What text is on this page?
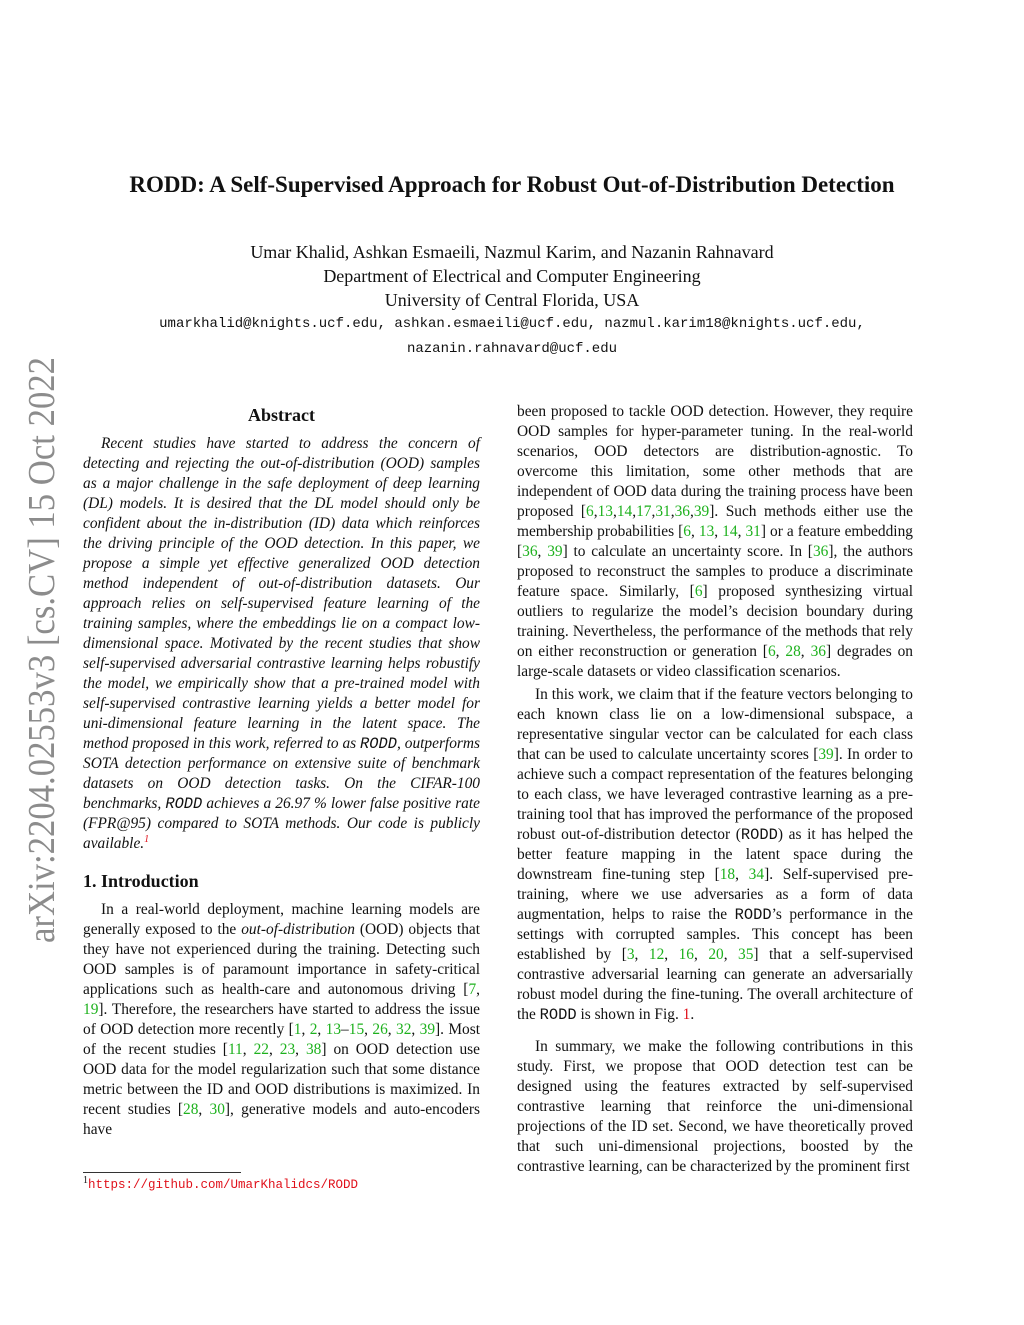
arXiv:2204.02553v3 [cs.CV] 15 Oct 2022
RODD: A Self-Supervised Approach for Robust Out-of-Distribution Detection
Umar Khalid, Ashkan Esmaeili, Nazmul Karim, and Nazanin Rahnavard
Department of Electrical and Computer Engineering
University of Central Florida, USA
umarkhalid@knights.ucf.edu, ashkan.esmaeili@ucf.edu, nazmul.karim18@knights.ucf.edu,
nazanin.rahnavard@ucf.edu
Abstract

Recent studies have started to address the concern of detecting and rejecting the out-of-distribution (OOD) samples as a major challenge in the safe deployment of deep learning (DL) models. It is desired that the DL model should only be confident about the in-distribution (ID) data which reinforces the driving principle of the OOD detection. In this paper, we propose a simple yet effective generalized OOD detection method independent of out-of-distribution datasets. Our approach relies on self-supervised feature learning of the training samples, where the embeddings lie on a compact low-dimensional space. Motivated by the recent studies that show self-supervised adversarial contrastive learning helps robustify the model, we empirically show that a pre-trained model with self-supervised contrastive learning yields a better model for uni-dimensional feature learning in the latent space. The method proposed in this work, referred to as RODD, outperforms SOTA detection performance on extensive suite of benchmark datasets on OOD detection tasks. On the CIFAR-100 benchmarks, RODD achieves a 26.97 % lower false positive rate (FPR@95) compared to SOTA methods. Our code is publicly available.$^1$

1. Introduction

In a real-world deployment, machine learning models are generally exposed to the out-of-distribution (OOD) objects that they have not experienced during the training. Detecting such OOD samples is of paramount importance in safety-critical applications such as health-care and autonomous driving [7, 19]. Therefore, the researchers have started to address the issue of OOD detection more recently [1, 2, 13–15, 26, 32, 39]. Most of the recent studies [11, 22, 23, 38] on OOD detection use OOD data for the model regularization such that some distance metric between the ID and OOD distributions is maximized. In recent studies [28, 30], generative models and auto-encoders have

$^1$https://github.com/UmarKhalidcs/RODD

been proposed to tackle OOD detection. However, they require OOD samples for hyper-parameter tuning. In the real-world scenarios, OOD detectors are distribution-agnostic. To overcome this limitation, some other methods that are independent of OOD data during the training process have been proposed [6,13,14,17,31,36,39]. Such methods either use the membership probabilities [6, 13, 14, 31] or a feature embedding [36, 39] to calculate an uncertainty score. In [36], the authors proposed to reconstruct the samples to produce a discriminate feature space. Similarly, [6] proposed synthesizing virtual outliers to regularize the model’s decision boundary during training. Nevertheless, the performance of the methods that rely on either reconstruction or generation [6, 28, 36] degrades on large-scale datasets or video classification scenarios.

In this work, we claim that if the feature vectors belonging to each known class lie on a low-dimensional subspace, a representative singular vector can be calculated for each class that can be used to calculate uncertainty scores [39]. In order to achieve such a compact representation of the features belonging to each class, we have leveraged contrastive learning as a pre-training tool that has improved the performance of the proposed robust out-of-distribution detector (RODD) as it has helped the better feature mapping in the latent space during the downstream fine-tuning step [18, 34]. Self-supervised pre-training, where we use adversaries as a form of data augmentation, helps to raise the RODD’s performance in the settings with corrupted samples. This concept has been established by [3, 12, 16, 20, 35] that a self-supervised contrastive adversarial learning can generate an adversarially robust model during the fine-tuning. The overall architecture of the RODD is shown in Fig. 1.

In summary, we make the following contributions in this study. First, we propose that OOD detection test can be designed using the features extracted by self-supervised contrastive learning that reinforce the uni-dimensional projections of the ID set. Second, we have theoretically proved that such uni-dimensional projections, boosted by the contrastive learning, can be characterized by the prominent first
